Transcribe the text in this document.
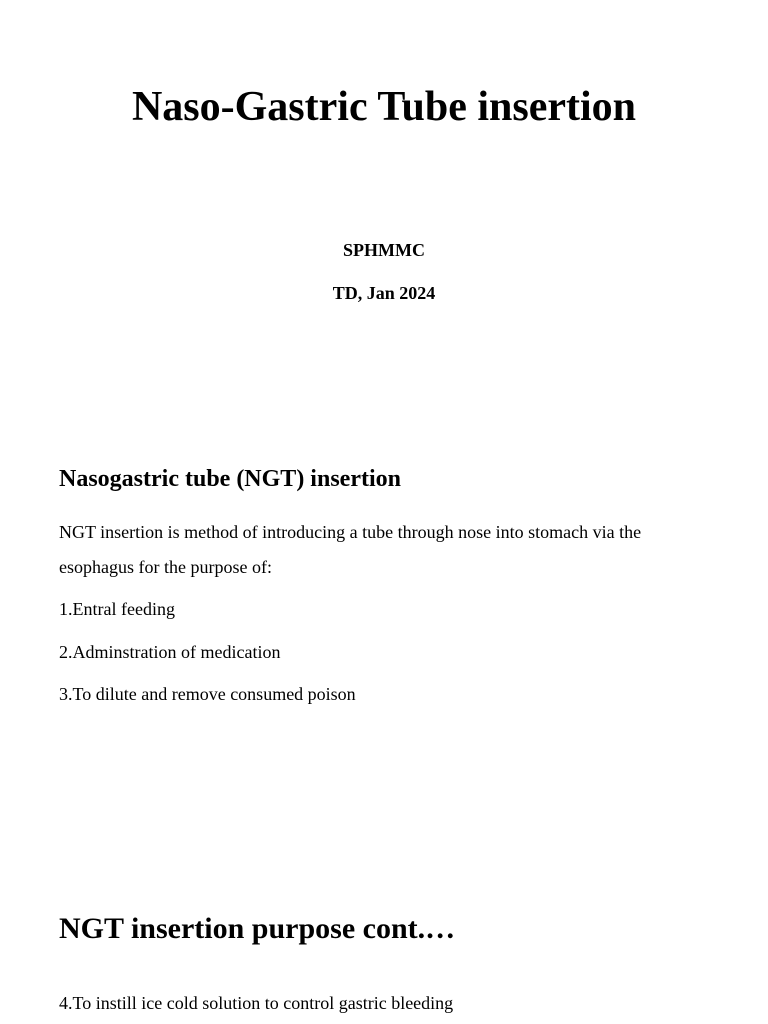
Naso-Gastric Tube insertion

SPHMMC

TD, Jan 2024

Nasogastric tube (NGT) insertion

NGT insertion is method of introducing a tube through nose into stomach via the esophagus for the purpose of:

1.Entral feeding
2.Adminstration of medication
3.To dilute and remove consumed poison
NGT insertion purpose cont.…
4.To instill ice cold solution to control gastric bleeding
